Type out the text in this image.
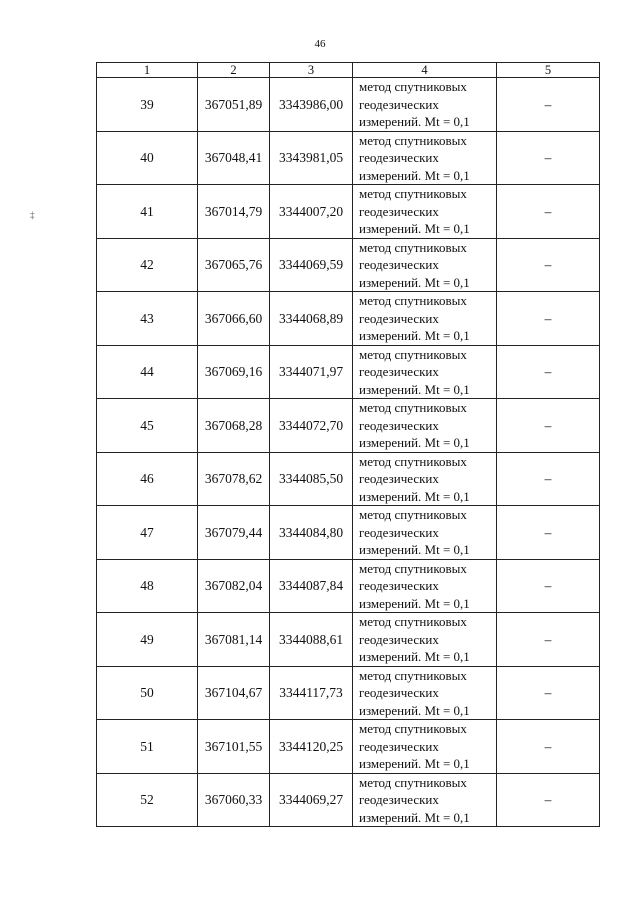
46
‡
1	2	3	4	5
39	367051,89	3343986,00	метод спутниковых
геодезических
измерений. Mt = 0,1	–
40	367048,41	3343981,05	метод спутниковых
геодезических
измерений. Mt = 0,1	–
41	367014,79	3344007,20	метод спутниковых
геодезических
измерений. Mt = 0,1	–
42	367065,76	3344069,59	метод спутниковых
геодезических
измерений. Mt = 0,1	–
43	367066,60	3344068,89	метод спутниковых
геодезических
измерений. Mt = 0,1	–
44	367069,16	3344071,97	метод спутниковых
геодезических
измерений. Mt = 0,1	–
45	367068,28	3344072,70	метод спутниковых
геодезических
измерений. Mt = 0,1	–
46	367078,62	3344085,50	метод спутниковых
геодезических
измерений. Mt = 0,1	–
47	367079,44	3344084,80	метод спутниковых
геодезических
измерений. Mt = 0,1	–
48	367082,04	3344087,84	метод спутниковых
геодезических
измерений. Mt = 0,1	–
49	367081,14	3344088,61	метод спутниковых
геодезических
измерений. Mt = 0,1	–
50	367104,67	3344117,73	метод спутниковых
геодезических
измерений. Mt = 0,1	–
51	367101,55	3344120,25	метод спутниковых
геодезических
измерений. Mt = 0,1	–
52	367060,33	3344069,27	метод спутниковых
геодезических
измерений. Mt = 0,1	–
